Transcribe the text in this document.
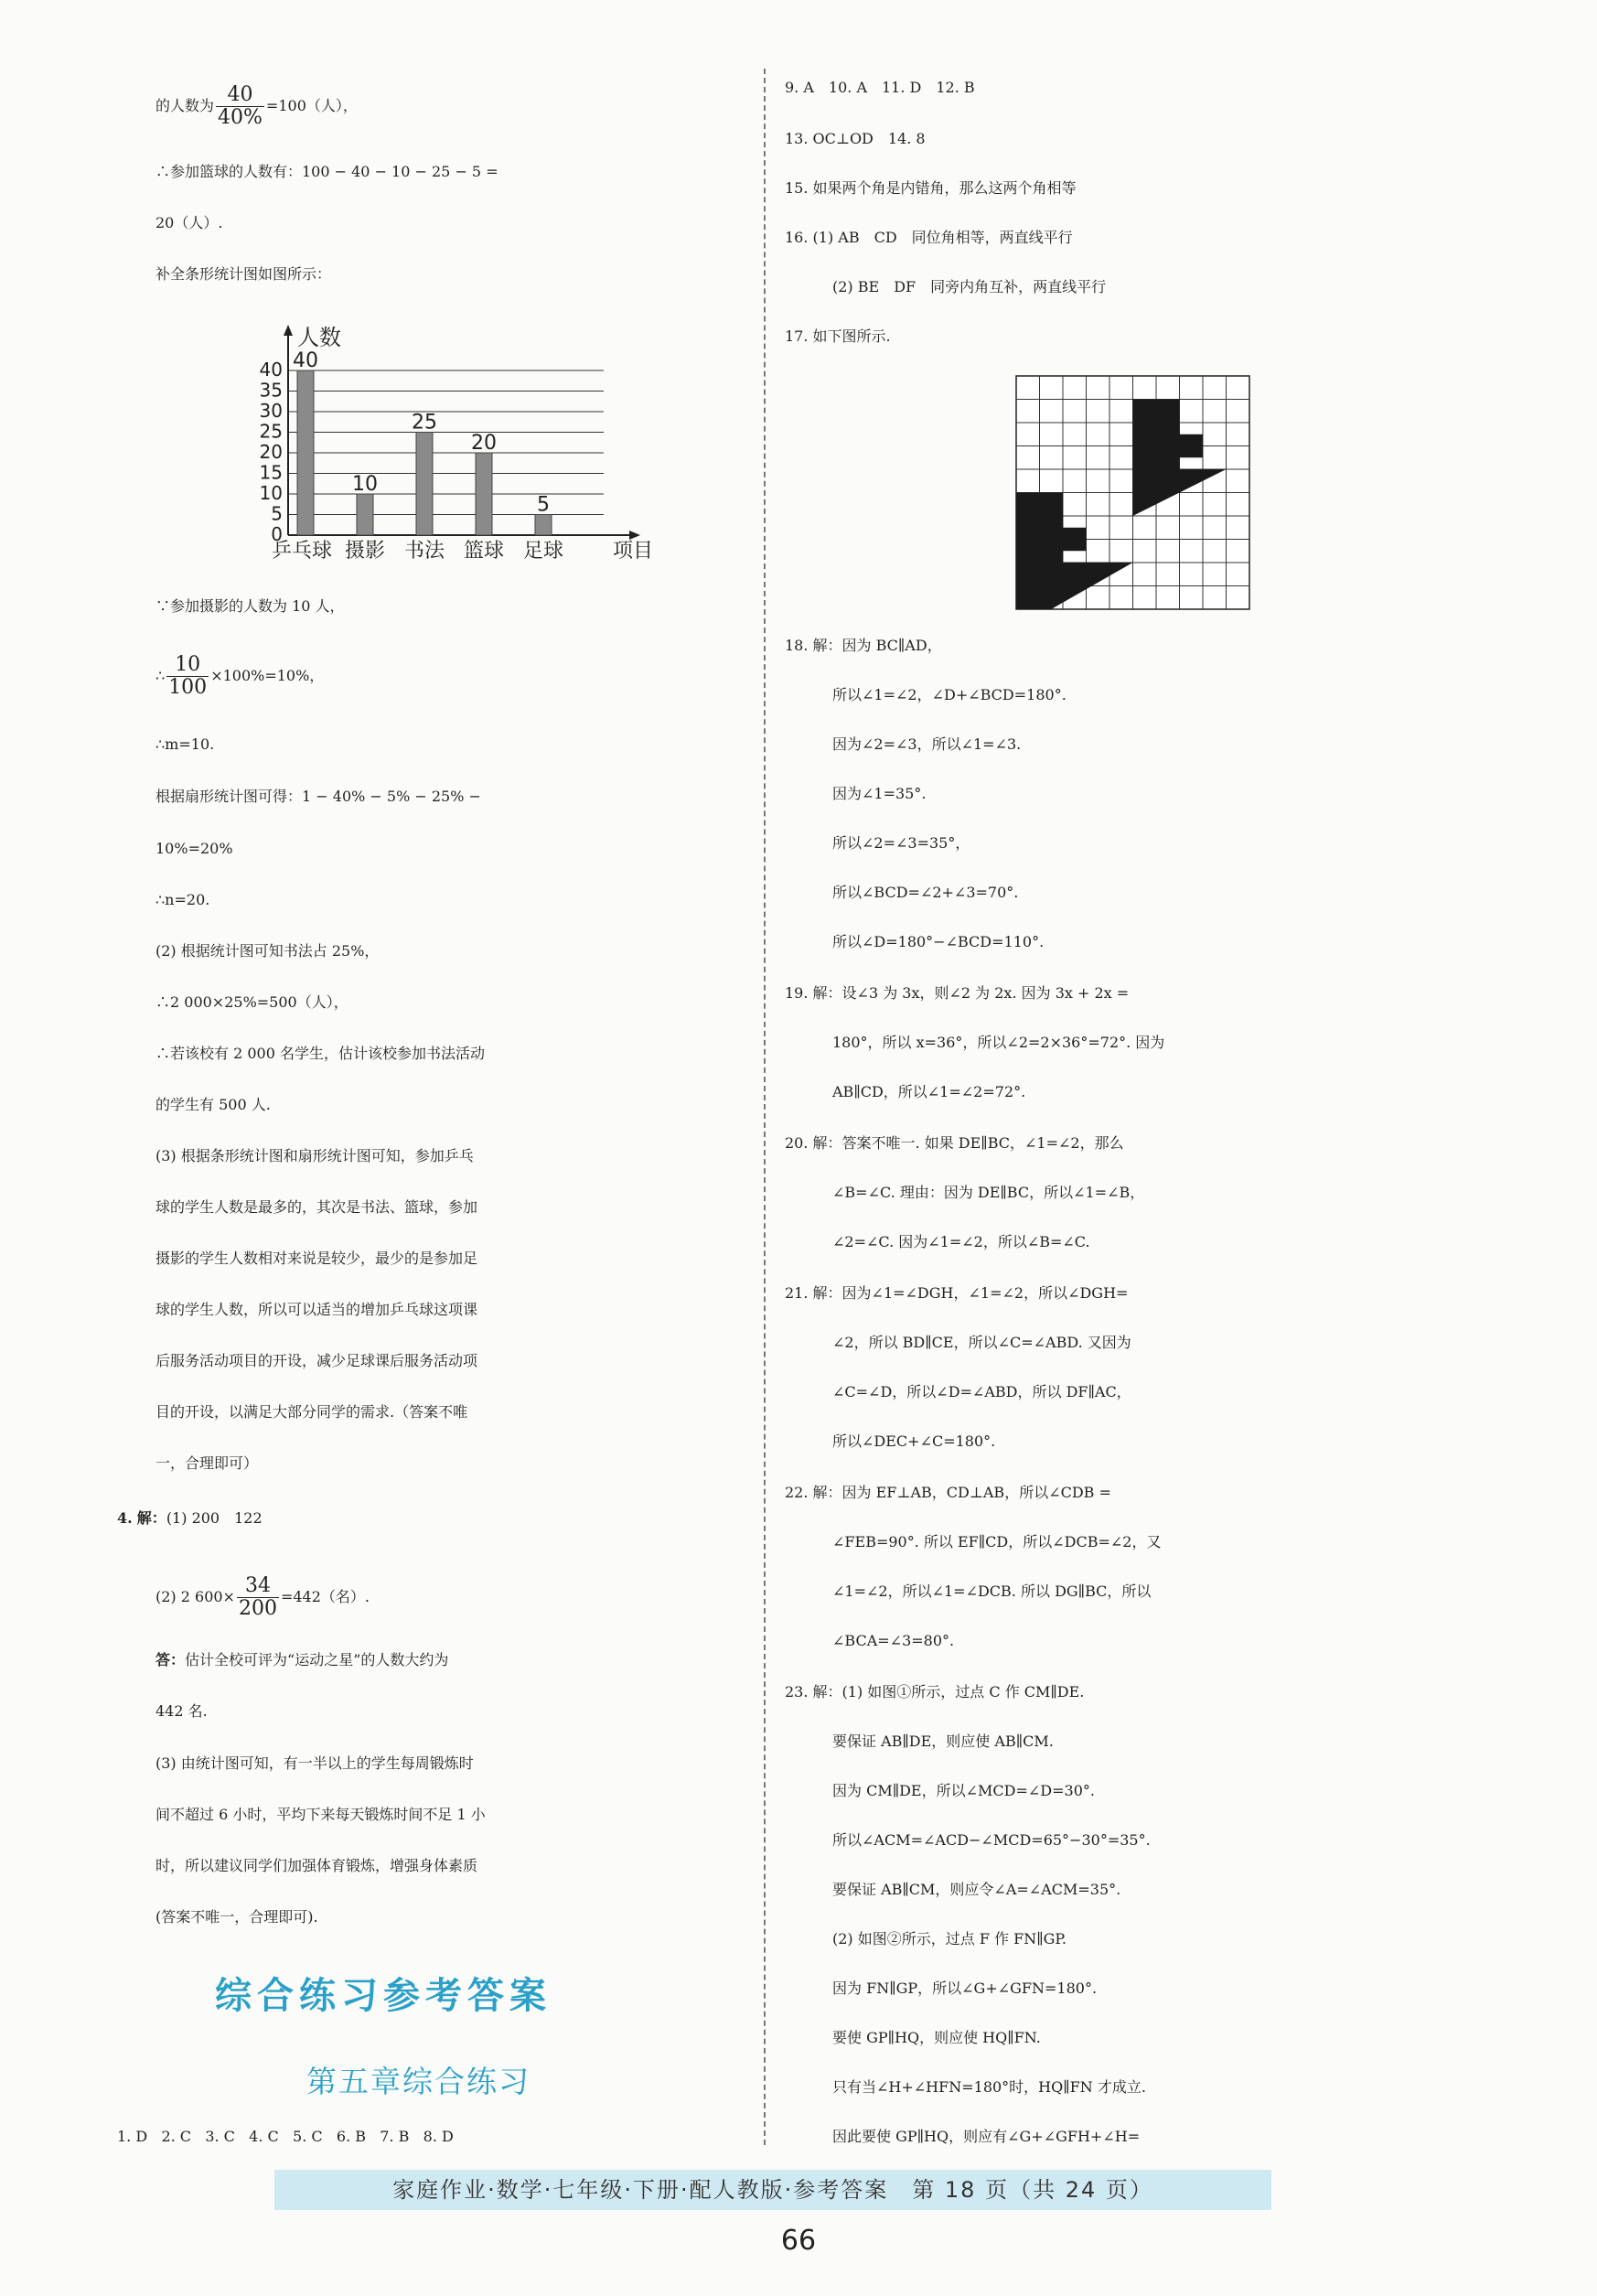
的人数为 $\frac{40}{40\%} =100$（人），
∴参加篮球的人数有：100 − 40 − 10 − 25 − 5 =
20（人）.
补全条形统计图如图所示：
0
5
10
15
20
25
30
35
40
人数
项目
40
乒乓球
10
摄影
25
书法
20
篮球
5
足球
∵参加摄影的人数为 10 人，
∴ $\frac{10}{100} \times 100\%=10\%$，
∴m=10.
根据扇形统计图可得：1 − 40% − 5% − 25% −
10%=20%
∴n=20.
(2) 根据统计图可知书法占 25%，
∴2 000×25%=500（人），
∴若该校有 2 000 名学生，估计该校参加书法活动
的学生有 500 人.
(3) 根据条形统计图和扇形统计图可知，参加乒乓
球的学生人数是最多的，其次是书法、篮球，参加
摄影的学生人数相对来说是较少，最少的是参加足
球的学生人数，所以可以适当的增加乒乓球这项课
后服务活动项目的开设，减少足球课后服务活动项
目的开设，以满足大部分同学的需求.（答案不唯
一，合理即可）
4. 解：(1) 200　122
(2) 2 $600\times \frac{34}{200} =442$（名）.
答：估计全校可评为“运动之星”的人数大约为
442 名.
(3) 由统计图可知，有一半以上的学生每周锻炼时
间不超过 6 小时，平均下来每天锻炼时间不足 1 小
时，所以建议同学们加强体育锻炼，增强身体素质
(答案不唯一，合理即可).
综合练习参考答案
第五章综合练习
1. D 2. C 3. C 4. C 5. C 6. B 7. B 8. D
9. A　10. A　11. D　12. B
13. OC⊥OD　14. 8
15. 如果两个角是内错角，那么这两个角相等
16. (1) AB　CD　同位角相等，两直线平行
(2) BE　DF　同旁内角互补，两直线平行
17. 如下图所示.
18. 解：因为 BC∥AD，
所以∠1=∠2，∠D+∠BCD=180°.
因为∠2=∠3，所以∠1=∠3.
因为∠1=35°.
所以∠2=∠3=35°，
所以∠BCD=∠2+∠3=70°.
所以∠D=180°−∠BCD=110°.
19. 解：设∠3 为 3x，则∠2 为 2x. 因为 3x + 2x =
180°，所以 x=36°，所以∠2=2×36°=72°. 因为
AB∥CD，所以∠1=∠2=72°.
20. 解：答案不唯一. 如果 DE∥BC，∠1=∠2，那么
∠B=∠C. 理由：因为 DE∥BC，所以∠1=∠B，
∠2=∠C. 因为∠1=∠2，所以∠B=∠C.
21. 解：因为∠1=∠DGH，∠1=∠2，所以∠DGH=
∠2，所以 BD∥CE，所以∠C=∠ABD. 又因为
∠C=∠D，所以∠D=∠ABD，所以 DF∥AC，
所以∠DEC+∠C=180°.
22. 解：因为 EF⊥AB，CD⊥AB，所以∠CDB =
∠FEB=90°. 所以 EF∥CD，所以∠DCB=∠2，又
∠1=∠2，所以∠1=∠DCB. 所以 DG∥BC，所以
∠BCA=∠3=80°.
23. 解：(1) 如图①所示，过点 C 作 CM∥DE.
要保证 AB∥DE，则应使 AB∥CM.
因为 CM∥DE，所以∠MCD=∠D=30°.
所以∠ACM=∠ACD−∠MCD=65°−30°=35°.
要保证 AB∥CM，则应令∠A=∠ACM=35°.
(2) 如图②所示，过点 F 作 FN∥GP.
因为 FN∥GP，所以∠G+∠GFN=180°.
要使 GP∥HQ，则应使 HQ∥FN.
只有当∠H+∠HFN=180°时，HQ∥FN 才成立.
因此要使 GP∥HQ，则应有∠G+∠GFH+∠H=
家庭作业·数学·七年级·下册·配人教版·参考答案　第 18 页（共 24 页）
66
